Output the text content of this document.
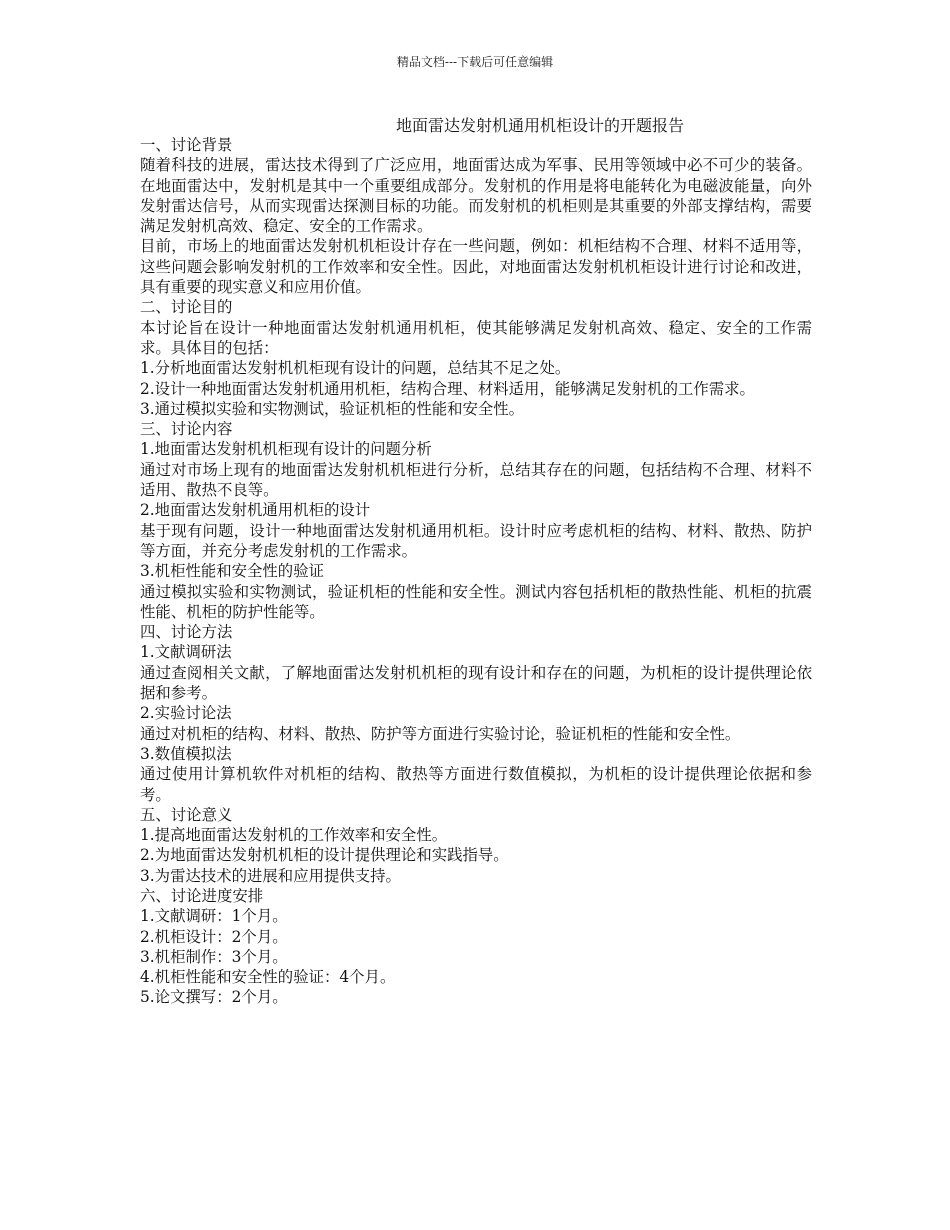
精品文档---下载后可任意编辑
地面雷达发射机通用机柜设计的开题报告

一、讨论背景

随着科技的进展，雷达技术得到了广泛应用，地面雷达成为军事、民用等领域中必不可少的装备。在地面雷达中，发射机是其中一个重要组成部分。发射机的作用是将电能转化为电磁波能量，向外发射雷达信号，从而实现雷达探测目标的功能。而发射机的机柜则是其重要的外部支撑结构，需要满足发射机高效、稳定、安全的工作需求。

目前，市场上的地面雷达发射机机柜设计存在一些问题，例如：机柜结构不合理、材料不适用等，这些问题会影响发射机的工作效率和安全性。因此，对地面雷达发射机机柜设计进行讨论和改进，具有重要的现实意义和应用价值。

二、讨论目的

本讨论旨在设计一种地面雷达发射机通用机柜，使其能够满足发射机高效、稳定、安全的工作需求。具体目的包括：

1.分析地面雷达发射机机柜现有设计的问题，总结其不足之处。

2.设计一种地面雷达发射机通用机柜，结构合理、材料适用，能够满足发射机的工作需求。

3.通过模拟实验和实物测试，验证机柜的性能和安全性。

三、讨论内容

1.地面雷达发射机机柜现有设计的问题分析

通过对市场上现有的地面雷达发射机机柜进行分析，总结其存在的问题，包括结构不合理、材料不适用、散热不良等。

2.地面雷达发射机通用机柜的设计

基于现有问题，设计一种地面雷达发射机通用机柜。设计时应考虑机柜的结构、材料、散热、防护等方面，并充分考虑发射机的工作需求。

3.机柜性能和安全性的验证

通过模拟实验和实物测试，验证机柜的性能和安全性。测试内容包括机柜的散热性能、机柜的抗震性能、机柜的防护性能等。

四、讨论方法

1.文献调研法

通过查阅相关文献，了解地面雷达发射机机柜的现有设计和存在的问题，为机柜的设计提供理论依据和参考。

2.实验讨论法

通过对机柜的结构、材料、散热、防护等方面进行实验讨论，验证机柜的性能和安全性。

3.数值模拟法

通过使用计算机软件对机柜的结构、散热等方面进行数值模拟，为机柜的设计提供理论依据和参考。

五、讨论意义

1.提高地面雷达发射机的工作效率和安全性。

2.为地面雷达发射机机柜的设计提供理论和实践指导。

3.为雷达技术的进展和应用提供支持。

六、讨论进度安排

1.文献调研：1个月。

2.机柜设计：2个月。

3.机柜制作：3个月。

4.机柜性能和安全性的验证：4个月。

5.论文撰写：2个月。
